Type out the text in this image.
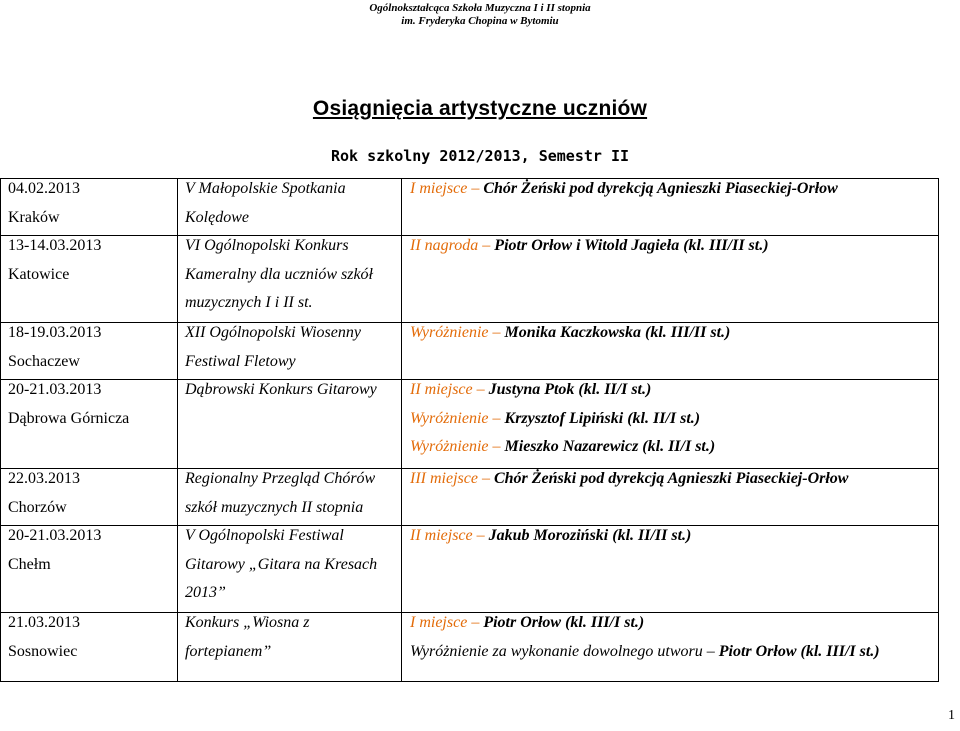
Ogólnokształcąca Szkoła Muzyczna I i II stopnia
im. Fryderyka Chopina w Bytomiu
Osiągnięcia artystyczne uczniów
Rok szkolny 2012/2013, Semestr II
04.02.2013
Kraków
V Małopolskie Spotkania
Kolędowe
I miejsce – Chór Żeński pod dyrekcją Agnieszki Piaseckiej-Orłow
13-14.03.2013
Katowice
VI Ogólnopolski Konkurs
Kameralny dla uczniów szkół
muzycznych I i II st.
II nagroda – Piotr Orłow i Witold Jagieła (kl. III/II st.)
18-19.03.2013
Sochaczew
XII Ogólnopolski Wiosenny
Festiwal Fletowy
Wyróżnienie – Monika Kaczkowska (kl. III/II st.)
20-21.03.2013
Dąbrowa Górnicza
Dąbrowski Konkurs Gitarowy II miejsce – Justyna Ptok (kl. II/I st.)
Wyróżnienie – Krzysztof Lipiński (kl. II/I st.)
Wyróżnienie – Mieszko Nazarewicz (kl. II/I st.)
22.03.2013
Chorzów
Regionalny Przegląd Chórów
szkół muzycznych II stopnia
III miejsce – Chór Żeński pod dyrekcją Agnieszki Piaseckiej-Orłow
20-21.03.2013
Chełm
V Ogólnopolski Festiwal
Gitarowy „Gitara na Kresach
2013”
II miejsce – Jakub Moroziński (kl. II/II st.)
21.03.2013
Sosnowiec
Konkurs „Wiosna z
fortepianem”
I miejsce – Piotr Orłow (kl. III/I st.)
Wyróżnienie za wykonanie dowolnego utworu – Piotr Orłow (kl. III/I st.)
1
